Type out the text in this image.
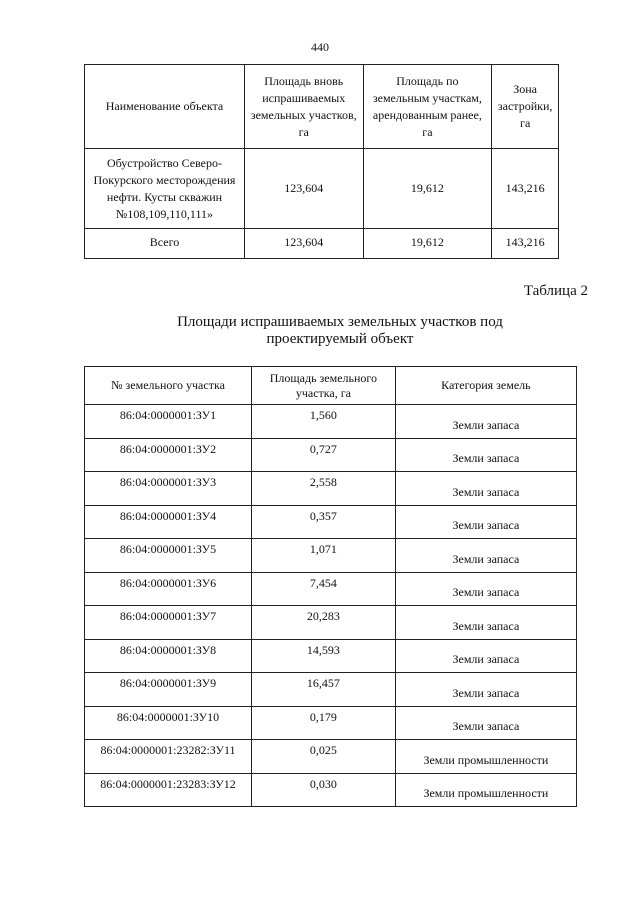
440
Наименование объекта	Площадь вновь испрашиваемых земельных участков, га	Площадь по земельным участкам, арендованным ранее, га	Зона застройки, га
Обустройство Северо-Покурского месторождения нефти. Кусты скважин №108,109,110,111»	123,604	19,612	143,216
Всего	123,604	19,612	143,216
Таблица 2
Площади испрашиваемых земельных участков под проектируемый объект
№ земельного участка	Площадь земельного участка, га	Категория земель
86:04:0000001:ЗУ1	1,560	Земли запаса
86:04:0000001:ЗУ2	0,727	Земли запаса
86:04:0000001:ЗУ3	2,558	Земли запаса
86:04:0000001:ЗУ4	0,357	Земли запаса
86:04:0000001:ЗУ5	1,071	Земли запаса
86:04:0000001:ЗУ6	7,454	Земли запаса
86:04:0000001:ЗУ7	20,283	Земли запаса
86:04:0000001:ЗУ8	14,593	Земли запаса
86:04:0000001:ЗУ9	16,457	Земли запаса
86:04:0000001:ЗУ10	0,179	Земли запаса
86:04:0000001:23282:ЗУ11	0,025	Земли промышленности
86:04:0000001:23283:ЗУ12	0,030	Земли промышленности
